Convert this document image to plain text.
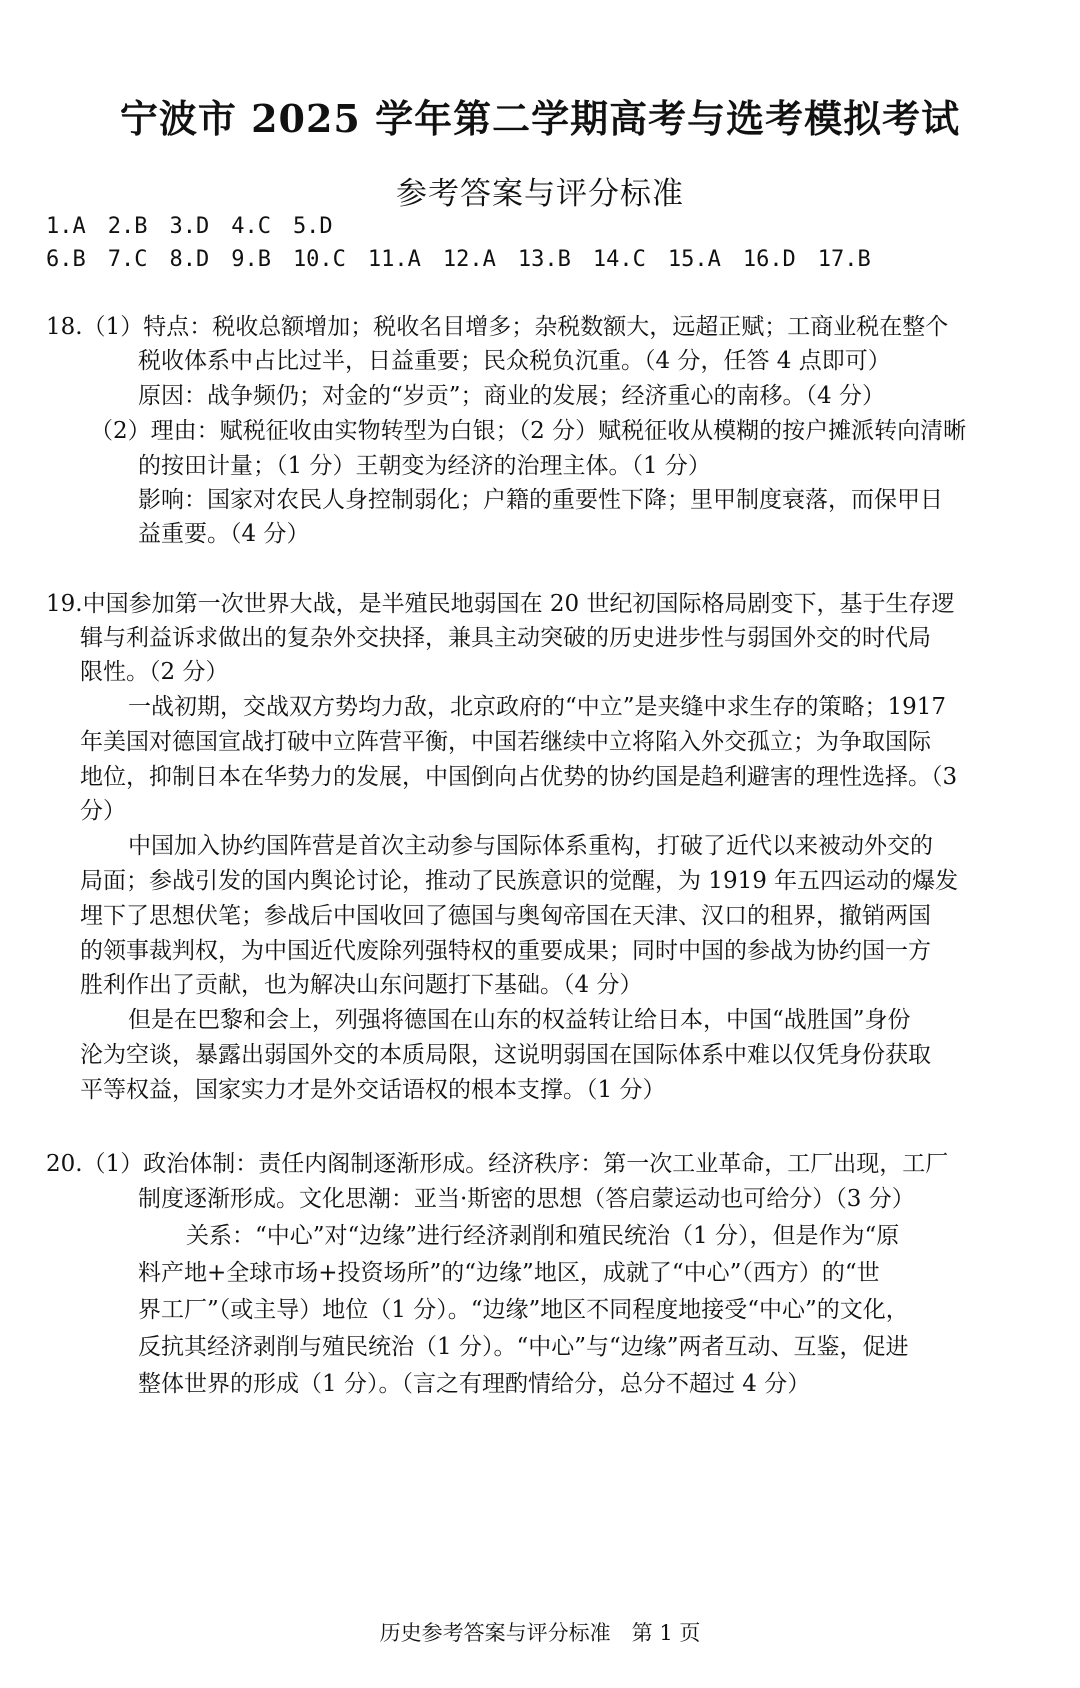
宁波市 2025 学年第二学期高考与选考模拟考试
参考答案与评分标准
1.A　2.B　3.D　4.C　5.D
6.B　7.C　8.D　9.B　10.C　11.A　12.A　13.B　14.C　15.A　16.D　17.B
18.（1）特点：税收总额增加；税收名目增多；杂税数额大，远超正赋；工商业税在整个
税收体系中占比过半，日益重要；民众税负沉重。（4 分，任答 4 点即可）
原因：战争频仍；对金的“岁贡”；商业的发展；经济重心的南移。（4 分）
（2）理由：赋税征收由实物转型为白银；（2 分）赋税征收从模糊的按户摊派转向清晰
的按田计量；（1 分）王朝变为经济的治理主体。（1 分）
影响：国家对农民人身控制弱化；户籍的重要性下降；里甲制度衰落，而保甲日
益重要。（4 分）
19.中国参加第一次世界大战，是半殖民地弱国在 20 世纪初国际格局剧变下，基于生存逻
辑与利益诉求做出的复杂外交抉择，兼具主动突破的历史进步性与弱国外交的时代局
限性。（2 分）
一战初期，交战双方势均力敌，北京政府的“中立”是夹缝中求生存的策略；1917
年美国对德国宣战打破中立阵营平衡，中国若继续中立将陷入外交孤立；为争取国际
地位，抑制日本在华势力的发展，中国倒向占优势的协约国是趋利避害的理性选择。（3
分）
中国加入协约国阵营是首次主动参与国际体系重构，打破了近代以来被动外交的
局面；参战引发的国内舆论讨论，推动了民族意识的觉醒，为 1919 年五四运动的爆发
埋下了思想伏笔；参战后中国收回了德国与奥匈帝国在天津、汉口的租界，撤销两国
的领事裁判权，为中国近代废除列强特权的重要成果；同时中国的参战为协约国一方
胜利作出了贡献，也为解决山东问题打下基础。（4 分）
但是在巴黎和会上，列强将德国在山东的权益转让给日本，中国“战胜国”身份
沦为空谈，暴露出弱国外交的本质局限，这说明弱国在国际体系中难以仅凭身份获取
平等权益，国家实力才是外交话语权的根本支撑。（1 分）
20.（1）政治体制：责任内阁制逐渐形成。经济秩序：第一次工业革命，工厂出现，工厂
制度逐渐形成。文化思潮：亚当·斯密的思想（答启蒙运动也可给分）（3 分）
关系：“中心”对“边缘”进行经济剥削和殖民统治（1 分），但是作为“原
料产地+全球市场+投资场所”的“边缘”地区，成就了“中心”（西方）的“世
界工厂”（或主导）地位（1 分）。“边缘”地区不同程度地接受“中心”的文化，
反抗其经济剥削与殖民统治（1 分）。“中心”与“边缘”两者互动、互鉴，促进
整体世界的形成（1 分）。（言之有理酌情给分，总分不超过 4 分）
历史参考答案与评分标准　第 1 页
